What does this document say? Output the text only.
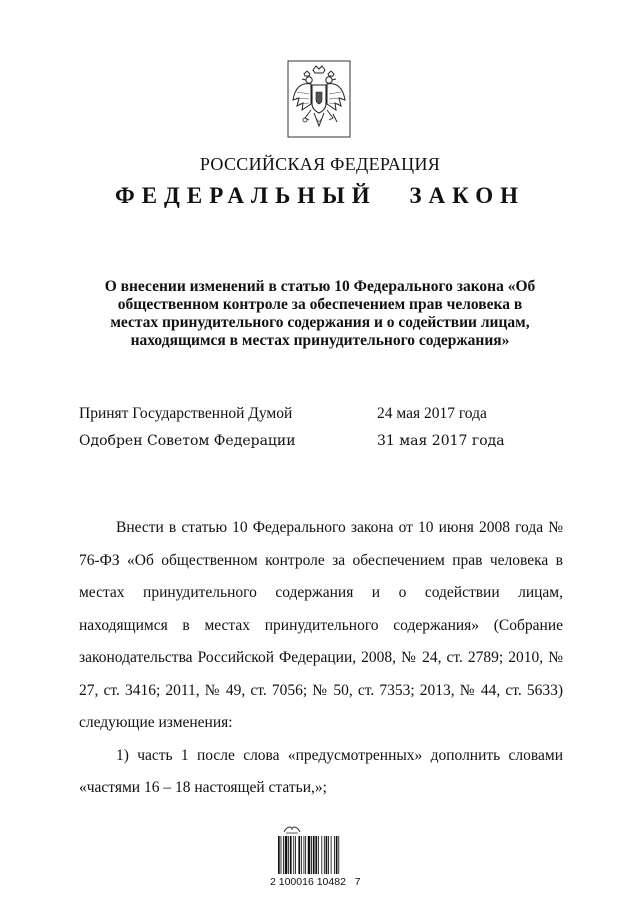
РОССИЙСКАЯ ФЕДЕРАЦИЯ
ФЕДЕРАЛЬНЫЙ ЗАКОН
О внесении изменений в статью 10 Федерального закона «Об общественном контроле за обеспечением прав человека в местах принудительного содержания и о содействии лицам, находящимся в местах принудительного содержания»
Принят Государственной Думой	24 мая 2017 года
Одобрен Советом Федерации	31 мая 2017 года

Внести в статью 10 Федерального закона от 10 июня 2008 года № 76-ФЗ «Об общественном контроле за обеспечением прав человека в местах принудительного содержания и о содействии лицам, находящимся в местах принудительного содержания» (Собрание законодательства Российской Федерации, 2008, № 24, ст. 2789; 2010, № 27, ст. 3416; 2011, № 49, ст. 7056; № 50, ст. 7353; 2013, № 44, ст. 5633) следующие изменения:

1) часть 1 после слова «предусмотренных» дополнить словами «частями 16 – 18 настоящей статьи,»;

2 100016 10482   7
